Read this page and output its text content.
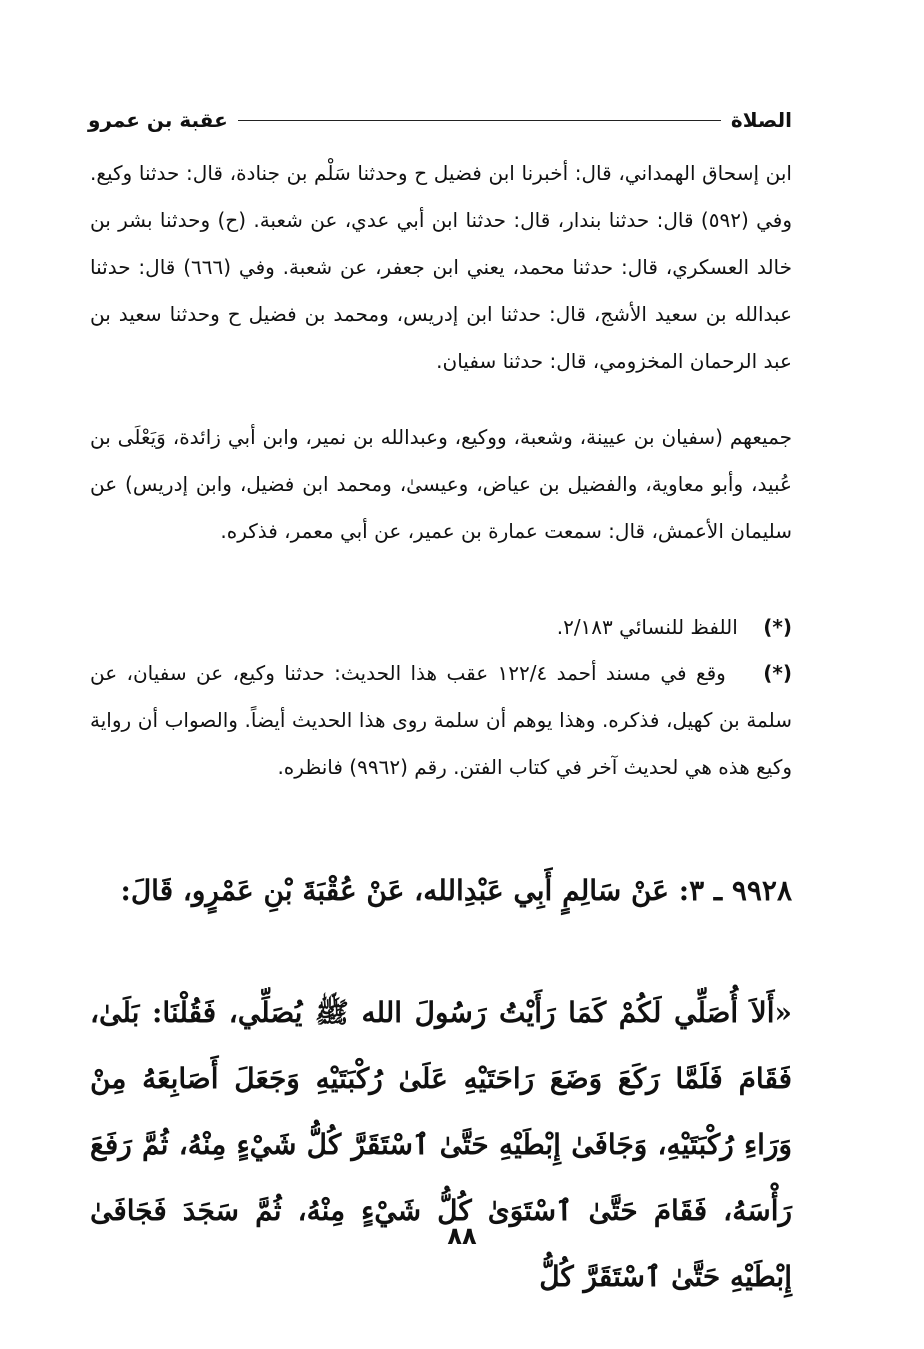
الصلاة
عقبة بن عمرو

ابن إسحاق الهمداني، قال: أخبرنا ابن فضيل ح وحدثنا سَلْم بن جنادة، قال: حدثنا وكيع. وفي (٥٩٢) قال: حدثنا بندار، قال: حدثنا ابن أبي عدي، عن شعبة. (ح) وحدثنا بشر بن خالد العسكري، قال: حدثنا محمد، يعني ابن جعفر، عن شعبة. وفي (٦٦٦) قال: حدثنا عبدالله بن سعيد الأشج، قال: حدثنا ابن إدريس، ومحمد بن فضيل ح وحدثنا سعيد بن عبد الرحمان المخزومي، قال: حدثنا سفيان.

جميعهم (سفيان بن عيينة، وشعبة، ووكيع، وعبدالله بن نمير، وابن أبي زائدة، وَيَعْلَى بن عُبيد، وأبو معاوية، والفضيل بن عياض، وعيسىٰ، ومحمد ابن فضيل، وابن إدريس) عن سليمان الأعمش، قال: سمعت عمارة بن عمير، عن أبي معمر، فذكره.

(*)    اللفظ للنسائي ٢/١٨٣.

(*)    وقع في مسند أحمد ١٢٢/٤ عقب هذا الحديث: حدثنا وكيع، عن سفيان، عن سلمة بن كهيل، فذكره. وهذا يوهم أن سلمة روى هذا الحديث أيضاً. والصواب أن رواية وكيع هذه هي لحديث آخر في كتاب الفتن. رقم (٩٩٦٢) فانظره.

٩٩٢٨ ـ ٣: عَنْ سَالِمٍ أَبِي عَبْدِالله، عَنْ عُقْبَةَ بْنِ عَمْرٍو، قَالَ:
«أَلاَ أُصَلِّي لَكُمْ كَمَا رَأَيْتُ رَسُولَ الله ﷺ يُصَلِّي، فَقُلْنَا: بَلَىٰ، فَقَامَ فَلَمَّا رَكَعَ وَضَعَ رَاحَتَيْهِ عَلَىٰ رُكْبَتَيْهِ وَجَعَلَ أَصَابِعَهُ مِنْ وَرَاءِ رُكْبَتَيْهِ، وَجَافَىٰ إِبْطَيْهِ حَتَّىٰ ٱسْتَقَرَّ كُلُّ شَيْءٍ مِنْهُ، ثُمَّ رَفَعَ رَأْسَهُ، فَقَامَ حَتَّىٰ ٱسْتَوَىٰ كُلُّ شَيْءٍ مِنْهُ، ثُمَّ سَجَدَ فَجَافَىٰ إِبْطَيْهِ حَتَّىٰ ٱسْتَقَرَّ كُلُّ
٨٨
